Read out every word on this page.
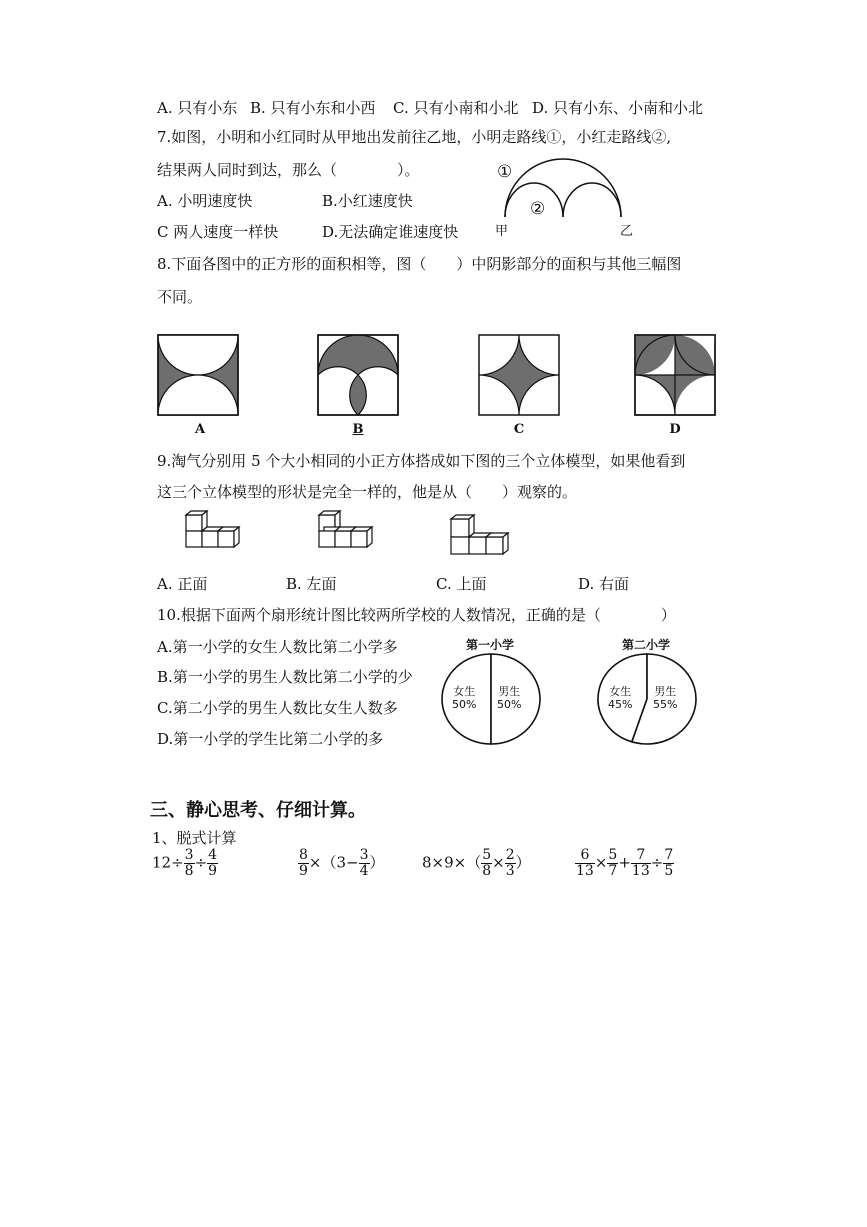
A. 只有小东 B. 只有小东和小西 C. 只有小南和小北 D. 只有小东、小南和小北
7.如图，小明和小红同时从甲地出发前往乙地，小明走路线①，小红走路线②,
结果两人同时到达，那么（　　　　）。
A. 小明速度快	B.小红速度快
C 两人速度一样快	D.无法确定谁速度快
①
②
甲	乙
8.下面各图中的正方形的面积相等，图（　　）中阴影部分的面积与其他三幅图
不同。
A	B	C	D
9.淘气分别用 5 个大小相同的小正方体搭成如下图的三个立体模型，如果他看到
这三个立体模型的形状是完全一样的，他是从（　　）观察的。
A. 正面	B. 左面	C. 上面	D. 右面
10.根据下面两个扇形统计图比较两所学校的人数情况，正确的是（　　　　）
A.第一小学的女生人数比第二小学多
B.第一小学的男生人数比第二小学的少
C.第二小学的男生人数比女生人数多
D.第一小学的学生比第二小学的多
第一小学
女生
50%
男生
50%
第二小学
女生
45%
男生
55%
三、静心思考、仔细计算。
1、脱式计算
$12\div \frac{3}{8} \div \frac{4}{9}$	$\frac{8}{9} \times(3- \frac{3}{4}$ ） $8\times 9\times( \frac{5}{8} \times \frac{2}{3}$ ）	$\frac{6}{13} \times \frac{5}{7} + \frac{7}{13} \div \frac{7}{5}$
